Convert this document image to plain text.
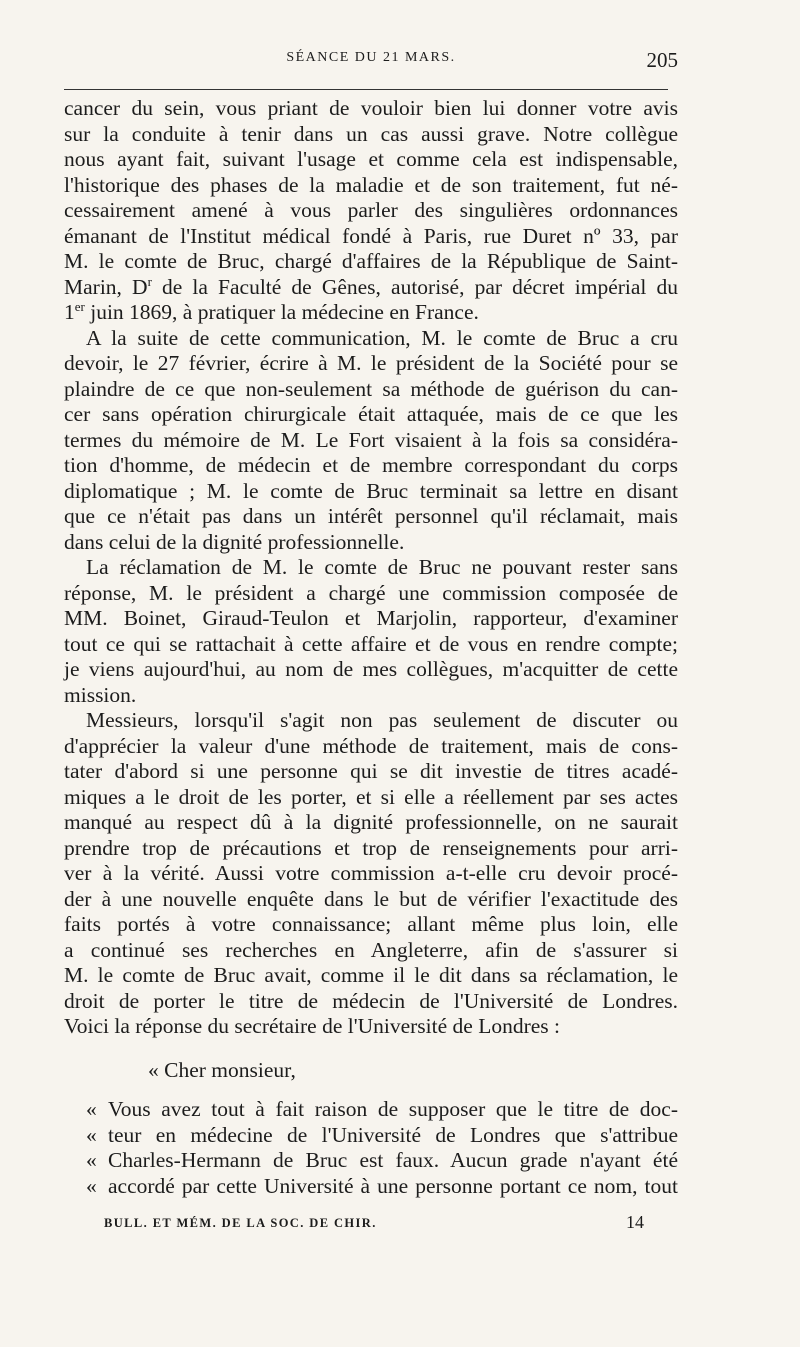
SÉANCE DU 21 MARS.	205

cancer du sein, vous priant de vouloir bien lui donner votre avis
sur la conduite à tenir dans un cas aussi grave. Notre collègue
nous ayant fait, suivant l'usage et comme cela est indispensable,
l'historique des phases de la maladie et de son traitement, fut né-
cessairement amené à vous parler des singulières ordonnances
émanant de l'Institut médical fondé à Paris, rue Duret nº 33, par
M. le comte de Bruc, chargé d'affaires de la République de Saint-
Marin, $D^r$ de la Faculté de Gênes, autorisé, par décret impérial du
1er juin 1869, à pratiquer la médecine en France.

A la suite de cette communication, M. le comte de Bruc a cru
devoir, le 27 février, écrire à M. le président de la Société pour se
plaindre de ce que non-seulement sa méthode de guérison du can-
cer sans opération chirurgicale était attaquée, mais de ce que les
termes du mémoire de M. Le Fort visaient à la fois sa considéra-
tion d'homme, de médecin et de membre correspondant du corps
diplomatique ; M. le comte de Bruc terminait sa lettre en disant
que ce n'était pas dans un intérêt personnel qu'il réclamait, mais
dans celui de la dignité professionnelle.

La réclamation de M. le comte de Bruc ne pouvant rester sans
réponse, M. le président a chargé une commission composée de
MM. Boinet, Giraud-Teulon et Marjolin, rapporteur, d'examiner
tout ce qui se rattachait à cette affaire et de vous en rendre compte;
je viens aujourd'hui, au nom de mes collègues, m'acquitter de cette
mission.

Messieurs, lorsqu'il s'agit non pas seulement de discuter ou
d'apprécier la valeur d'une méthode de traitement, mais de cons-
tater d'abord si une personne qui se dit investie de titres acadé-
miques a le droit de les porter, et si elle a réellement par ses actes
manqué au respect dû à la dignité professionnelle, on ne saurait
prendre trop de précautions et trop de renseignements pour arri-
ver à la vérité. Aussi votre commission a-t-elle cru devoir procé-
der à une nouvelle enquête dans le but de vérifier l'exactitude des
faits portés à votre connaissance; allant même plus loin, elle
a continué ses recherches en Angleterre, afin de s'assurer si
M. le comte de Bruc avait, comme il le dit dans sa réclamation, le
droit de porter le titre de médecin de l'Université de Londres.
Voici la réponse du secrétaire de l'Université de Londres :

« Cher monsieur,
« Vous avez tout à fait raison de supposer que le titre de doc-
« teur en médecine de l'Université de Londres que s'attribue
« Charles-Hermann de Bruc est faux. Aucun grade n'ayant été
« accordé par cette Université à une personne portant ce nom, tout
BULL. ET MÉM. DE LA SOC. DE CHIR.	14
